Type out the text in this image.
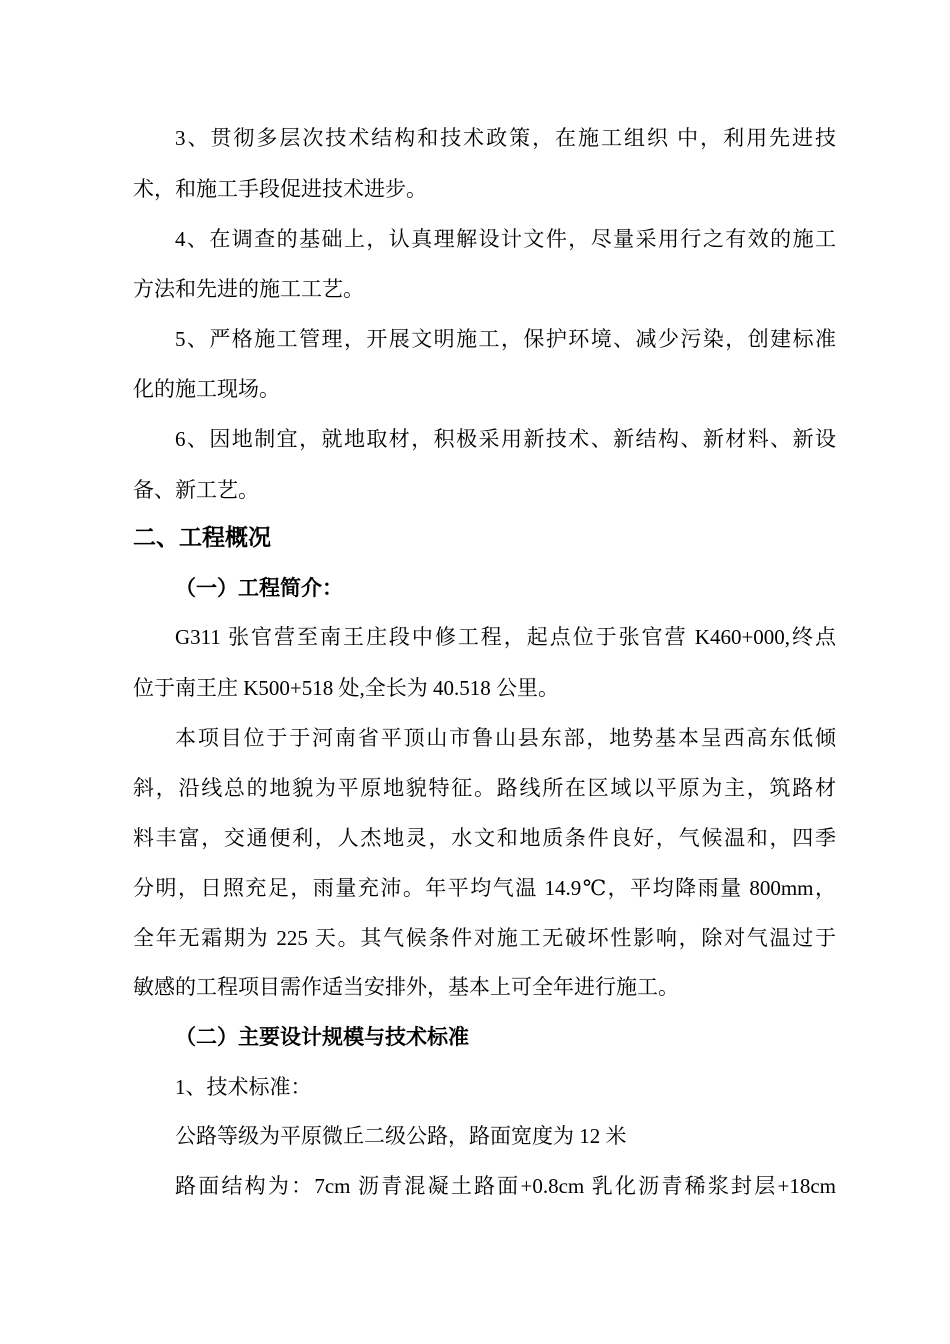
3、贯彻多层次技术结构和技术政策，在施工组织 中，利用先进技
术，和施工手段促进技术进步。
4、在调查的基础上，认真理解设计文件，尽量采用行之有效的施工
方法和先进的施工工艺。
5、严格施工管理，开展文明施工，保护环境、减少污染，创建标准
化的施工现场。
6、因地制宜，就地取材，积极采用新技术、新结构、新材料、新设
备、新工艺。
二、工程概况
（一）工程简介：
G311 张官营至南王庄段中修工程，起点位于张官营 K460+000,终点
位于南王庄 K500+518 处,全长为 40.518 公里。
本项目位于于河南省平顶山市鲁山县东部，地势基本呈西高东低倾
斜，沿线总的地貌为平原地貌特征。路线所在区域以平原为主，筑路材
料丰富，交通便利，人杰地灵，水文和地质条件良好，气候温和，四季
分明，日照充足，雨量充沛。年平均气温 14.9℃，平均降雨量 800mm，
全年无霜期为 225 天。其气候条件对施工无破坏性影响，除对气温过于
敏感的工程项目需作适当安排外，基本上可全年进行施工。
（二）主要设计规模与技术标准
1、技术标准：
公路等级为平原微丘二级公路，路面宽度为 12 米
路面结构为：7cm 沥青混凝土路面+0.8cm 乳化沥青稀浆封层+18cm
